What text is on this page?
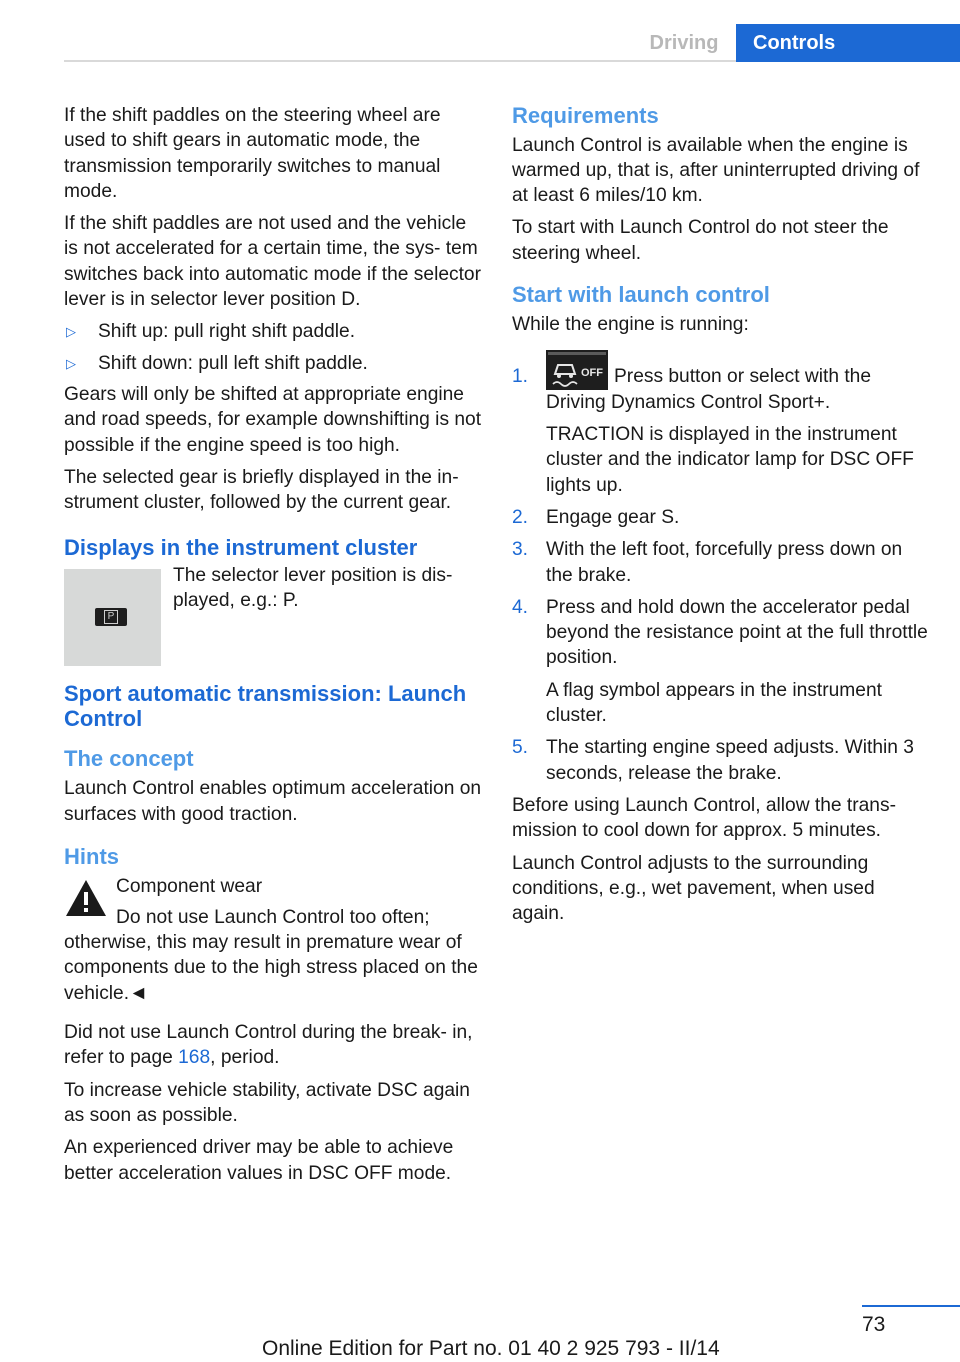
Driving	Controls

If the shift paddles on the steering wheel are used to shift gears in automatic mode, the transmission temporarily switches to manual mode.

If the shift paddles are not used and the vehicle is not accelerated for a certain time, the sys‐ tem switches back into automatic mode if the selector lever is in selector lever position D.

▷ Shift up: pull right shift paddle.
▷ Shift down: pull left shift paddle.

Gears will only be shifted at appropriate engine and road speeds, for example downshifting is not possible if the engine speed is too high.

The selected gear is briefly displayed in the in‐ strument cluster, followed by the current gear.

Displays in the instrument cluster
P
The selector lever position is dis‐ played, e.g.: P.
Sport automatic transmission: Launch Control
The concept

Launch Control enables optimum acceleration on surfaces with good traction.

Hints

Component wear

Do not use Launch Control too often; otherwise, this may result in premature wear of components due to the high stress placed on the vehicle.◄

Did not use Launch Control during the break‐ in, refer to page 168, period.

To increase vehicle stability, activate DSC again as soon as possible.

An experienced driver may be able to achieve better acceleration values in DSC OFF mode.

Requirements

Launch Control is available when the engine is warmed up, that is, after uninterrupted driving of at least 6 miles/10 km.

To start with Launch Control do not steer the steering wheel.

Start with launch control

While the engine is running:

1.	OFF Press button or select with the Driving Dynamics Control Sport+.

TRACTION is displayed in the instrument cluster and the indicator lamp for DSC OFF lights up.

2. Engage gear S.

3. With the left foot, forcefully press down on the brake.

4. Press and hold down the accelerator pedal beyond the resistance point at the full throttle position.

A flag symbol appears in the instrument cluster.

5. The starting engine speed adjusts. Within 3 seconds, release the brake.

Before using Launch Control, allow the trans‐ mission to cool down for approx. 5 minutes.

Launch Control adjusts to the surrounding conditions, e.g., wet pavement, when used again.

73
Online Edition for Part no. 01 40 2 925 793 - II/14
